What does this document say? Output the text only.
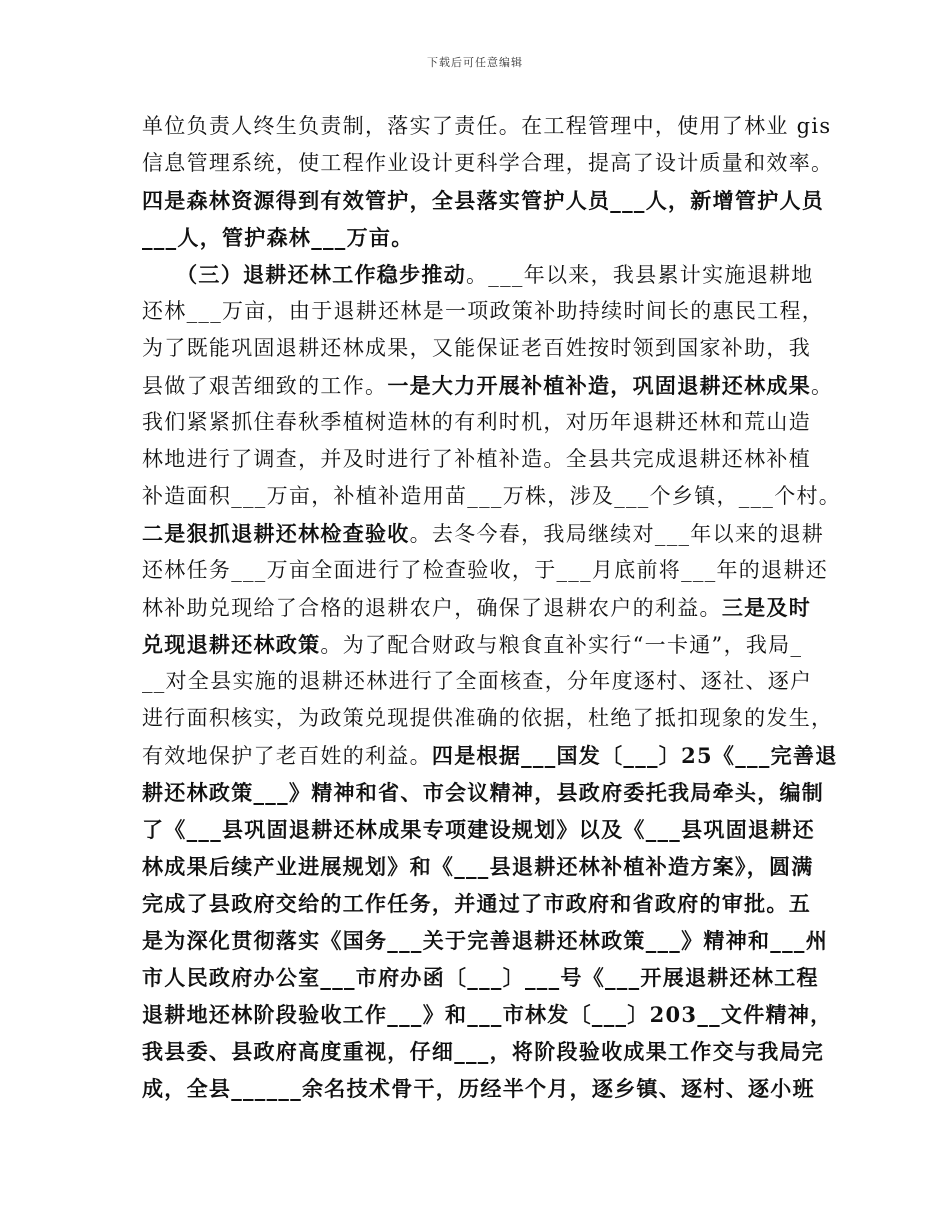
下载后可任意编辑
单位负责人终生负责制，落实了责任。在工程管理中，使用了林业 gis
信息管理系统，使工程作业设计更科学合理，提高了设计质量和效率。
四是森林资源得到有效管护，全县落实管护人员___人，新增管护人员
___人，管护森林___万亩。
　　（三）退耕还林工作稳步推动。___年以来，我县累计实施退耕地
还林___万亩，由于退耕还林是一项政策补助持续时间长的惠民工程，
为了既能巩固退耕还林成果，又能保证老百姓按时领到国家补助，我
县做了艰苦细致的工作。一是大力开展补植补造，巩固退耕还林成果。
我们紧紧抓住春秋季植树造林的有利时机，对历年退耕还林和荒山造
林地进行了调查，并及时进行了补植补造。全县共完成退耕还林补植
补造面积___万亩，补植补造用苗___万株，涉及___个乡镇，___个村。
二是狠抓退耕还林检查验收。去冬今春，我局继续对___年以来的退耕
还林任务___万亩全面进行了检查验收，于___月底前将___年的退耕还
林补助兑现给了合格的退耕农户，确保了退耕农户的利益。三是及时
兑现退耕还林政策。为了配合财政与粮食直补实行“一卡通”，我局_
__对全县实施的退耕还林进行了全面核查，分年度逐村、逐社、逐户
进行面积核实，为政策兑现提供准确的依据，杜绝了抵扣现象的发生，
有效地保护了老百姓的利益。四是根据___国发〔___〕25《___完善退
耕还林政策___》精神和省、市会议精神，县政府委托我局牵头，编制
了《___县巩固退耕还林成果专项建设规划》以及《___县巩固退耕还
林成果后续产业进展规划》和《___县退耕还林补植补造方案》，圆满
完成了县政府交给的工作任务，并通过了市政府和省政府的审批。五
是为深化贯彻落实《国务___关于完善退耕还林政策___》精神和___州
市人民政府办公室___市府办函〔___〕___号《___开展退耕还林工程
退耕地还林阶段验收工作___》和___市林发〔___〕203__文件精神，
我县委、县政府高度重视，仔细___，将阶段验收成果工作交与我局完
成，全县______余名技术骨干，历经半个月，逐乡镇、逐村、逐小班
